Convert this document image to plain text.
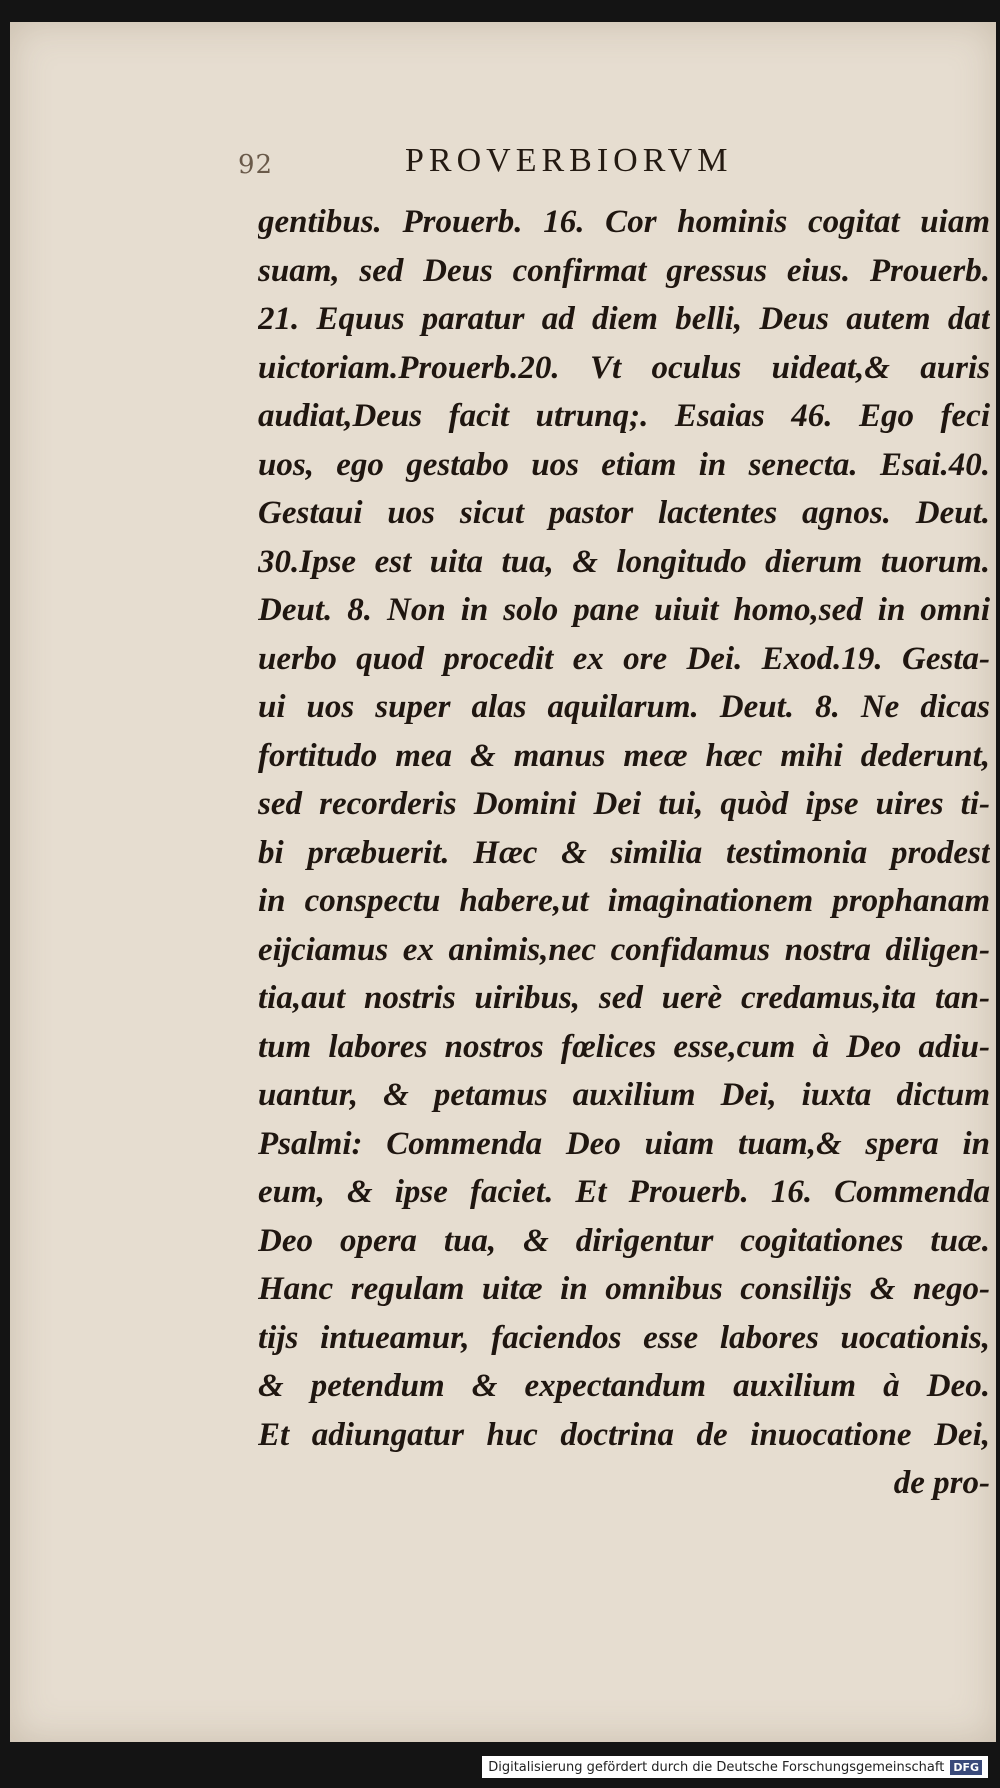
92	PROVERBIORVM
gentibus. Prouerb. 16. Cor hominis cogitat uiam
suam, sed Deus confirmat gressus eius. Prouerb.
21. Equus paratur ad diem belli, Deus autem dat
uictoriam.Prouerb.20. Vt oculus uideat,& auris
audiat,Deus facit utrunq;. Esaias 46. Ego feci
uos, ego gestabo uos etiam in senecta. Esai.40.
Gestaui uos sicut pastor lactentes agnos. Deut.
30.Ipse est uita tua, & longitudo dierum tuorum.
Deut. 8. Non in solo pane uiuit homo,sed in omni
uerbo quod procedit ex ore Dei. Exod.19. Gesta-
ui uos super alas aquilarum. Deut. 8. Ne dicas
fortitudo mea & manus meæ hæc mihi dederunt,
sed recorderis Domini Dei tui, quòd ipse uires ti-
bi præbuerit. Hæc & similia testimonia prodest
in conspectu habere,ut imaginationem prophanam
eijciamus ex animis,nec confidamus nostra diligen-
tia,aut nostris uiribus, sed uerè credamus,ita tan-
tum labores nostros fœlices esse,cum à Deo adiu-
uantur, & petamus auxilium Dei, iuxta dictum
Psalmi: Commenda Deo uiam tuam,& spera in
eum, & ipse faciet. Et Prouerb. 16. Commenda
Deo opera tua, & dirigentur cogitationes tuæ.
Hanc regulam uitæ in omnibus consilijs & nego-
tijs intueamur, faciendos esse labores uocationis,
& petendum & expectandum auxilium à Deo.
Et adiungatur huc doctrina de inuocatione Dei,
de pro-
Digitalisierung gefördert durch die Deutsche Forschungsgemeinschaft DFG
